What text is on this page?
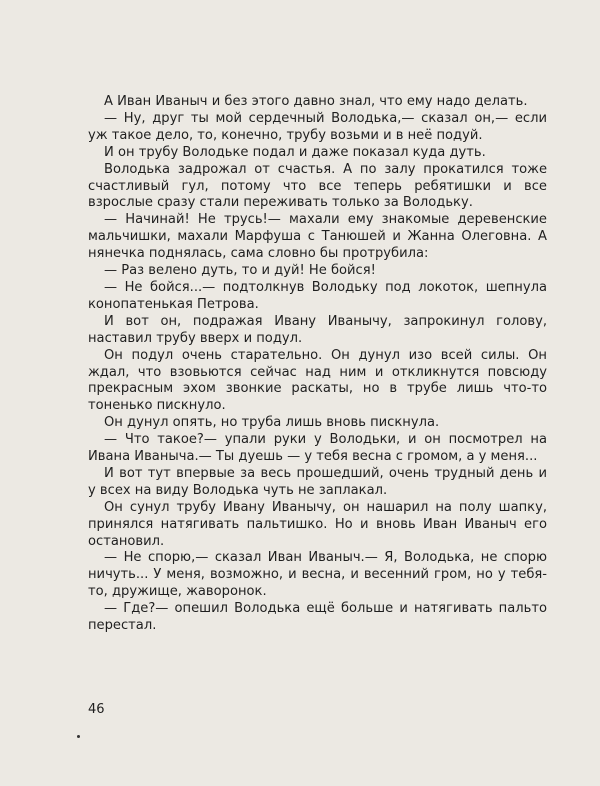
А Иван Иваныч и без этого давно знал, что ему надо делать.

— Ну, друг ты мой сердечный Володька,— сказал он,— если уж такое дело, то, конечно, трубу возьми и в неё подуй.

И он трубу Володьке подал и даже показал куда дуть.

Володька задрожал от счастья. А по залу прокатился тоже счастливый гул, потому что все теперь ребятишки и все взрослые сразу стали переживать только за Володьку.

— Начинай! Не трусь!— махали ему знакомые деревенские мальчишки, махали Марфуша с Танюшей и Жанна Олеговна. А нянечка поднялась, сама словно бы протрубила:

— Раз велено дуть, то и дуй! Не бойся!

— Не бойся...— подтолкнув Володьку под локоток, шепнула конопатенькая Петрова.

И вот он, подражая Ивану Иванычу, запрокинул голову, наставил трубу вверх и подул.

Он подул очень старательно. Он дунул изо всей силы. Он ждал, что взовьются сейчас над ним и откликнутся повсюду прекрасным эхом звонкие раскаты, но в трубе лишь что-то тоненько пискнуло.

Он дунул опять, но труба лишь вновь пискнула.

— Что такое?— упали руки у Володьки, и он посмотрел на Ивана Иваныча.— Ты дуешь — у тебя весна с громом, а у меня...

И вот тут впервые за весь прошедший, очень трудный день и у всех на виду Володька чуть не заплакал.

Он сунул трубу Ивану Иванычу, он нашарил на полу шапку, принялся натягивать пальтишко. Но и вновь Иван Иваныч его остановил.

— Не спорю,— сказал Иван Иваныч.— Я, Володька, не спорю ничуть... У меня, возможно, и весна, и весенний гром, но у тебя-то, дружище, жаворонок.

— Где?— опешил Володька ещё больше и натягивать пальто перестал.

46
